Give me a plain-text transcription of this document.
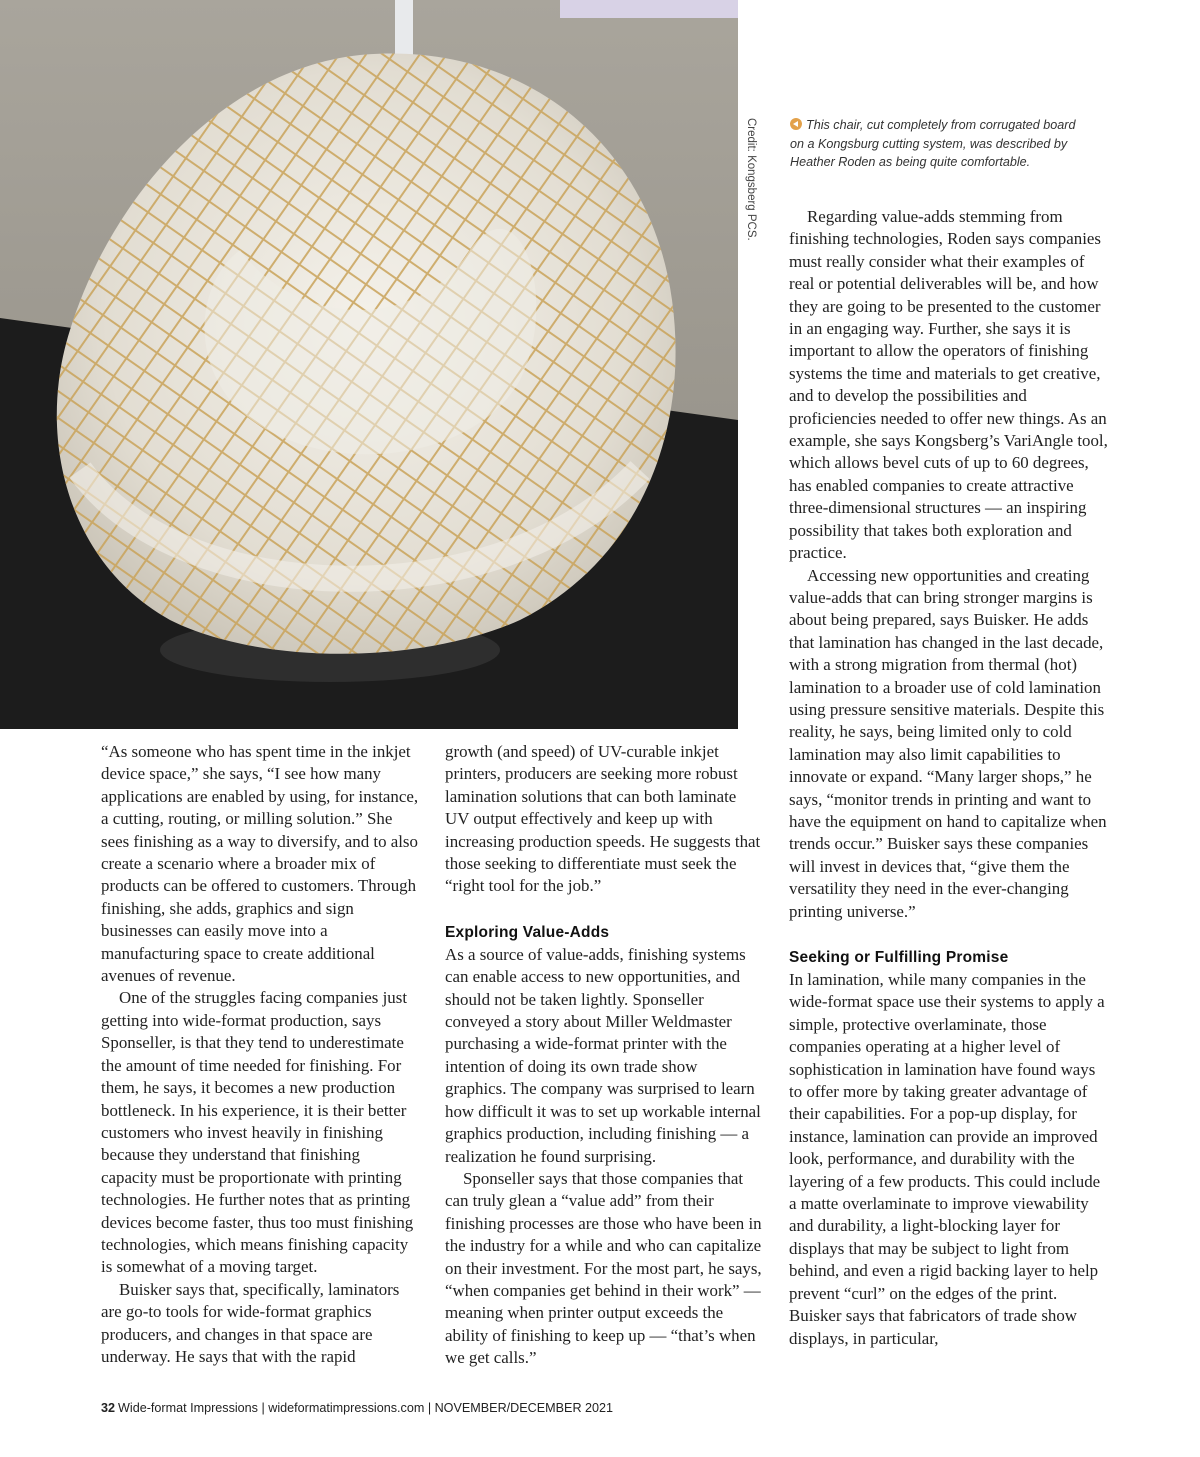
Credit: Kongsberg PCS.	This chair, cut completely from corrugated board on a Kongsburg cutting system, was described by Heather Roden as being quite comfortable.

“As someone who has spent time in the inkjet device space,” she says, “I see how many applications are enabled by using, for instance, a cutting, routing, or milling solution.” She sees finishing as a way to diversify, and to also create a scenario where a broader mix of products can be offered to customers. Through finishing, she adds, graphics and sign businesses can easily move into a manufacturing space to create additional avenues of revenue.

One of the struggles facing companies just getting into wide-format production, says Sponseller, is that they tend to underestimate the amount of time needed for finishing. For them, he says, it becomes a new production bottleneck. In his experience, it is their better customers who invest heavily in finishing because they understand that finishing capacity must be proportionate with printing technologies. He further notes that as printing devices become faster, thus too must finishing technologies, which means finishing capacity is somewhat of a moving target.

Buisker says that, specifically, laminators are go-to tools for wide-format graphics producers, and changes in that space are underway. He says that with the rapid

growth (and speed) of UV-curable inkjet printers, producers are seeking more robust lamination solutions that can both laminate UV output effectively and keep up with increasing production speeds. He suggests that those seeking to differentiate must seek the “right tool for the job.”

Exploring Value-Adds

As a source of value-adds, finishing systems can enable access to new opportunities, and should not be taken lightly. Sponseller conveyed a story about Miller Weldmaster purchasing a wide-format printer with the intention of doing its own trade show graphics. The company was surprised to learn how difficult it was to set up workable internal graphics production, including finishing — a realization he found surprising.

Sponseller says that those companies that can truly glean a “value add” from their finishing processes are those who have been in the industry for a while and who can capitalize on their investment. For the most part, he says, “when companies get behind in their work” — meaning when printer output exceeds the ability of finishing to keep up — “that’s when we get calls.”

Regarding value-adds stemming from finishing technologies, Roden says companies must really consider what their examples of real or potential deliverables will be, and how they are going to be presented to the customer in an engaging way. Further, she says it is important to allow the operators of finishing systems the time and materials to get creative, and to develop the possibilities and proficiencies needed to offer new things. As an example, she says Kongsberg’s VariAngle tool, which allows bevel cuts of up to 60 degrees, has enabled companies to create attractive three-dimensional structures — an inspiring possibility that takes both exploration and practice.

Accessing new opportunities and creating value-adds that can bring stronger margins is about being prepared, says Buisker. He adds that lamination has changed in the last decade, with a strong migration from thermal (hot) lamination to a broader use of cold lamination using pressure sensitive materials. Despite this reality, he says, being limited only to cold lamination may also limit capabilities to innovate or expand. “Many larger shops,” he says, “monitor trends in printing and want to have the equipment on hand to capitalize when trends occur.” Buisker says these companies will invest in devices that, “give them the versatility they need in the ever-changing printing universe.”

Seeking or Fulfilling Promise

In lamination, while many companies in the wide-format space use their systems to apply a simple, protective overlaminate, those companies operating at a higher level of sophistication in lamination have found ways to offer more by taking greater advantage of their capabilities. For a pop-up display, for instance, lamination can provide an improved look, performance, and durability with the layering of a few products. This could include a matte overlaminate to improve viewability and durability, a light-blocking layer for displays that may be subject to light from behind, and even a rigid backing layer to help prevent “curl” on the edges of the print. Buisker says that fabricators of trade show displays, in particular,

32 Wide-format Impressions | wideformatimpressions.com | NOVEMBER/DECEMBER 2021
